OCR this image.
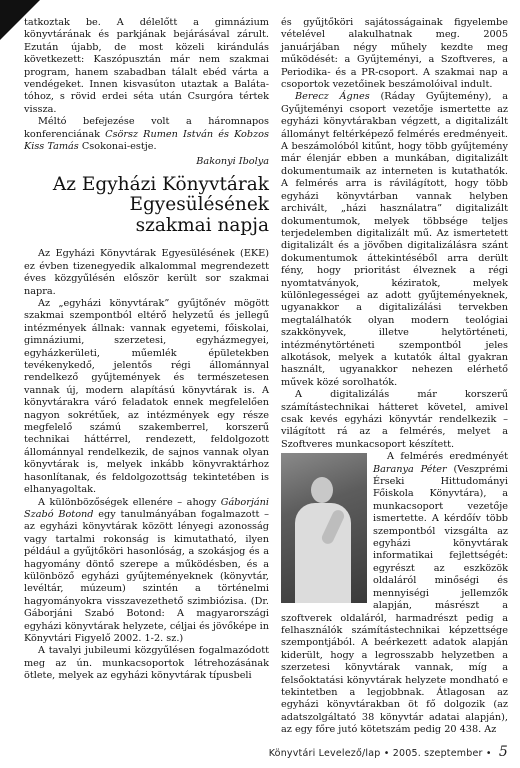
tatkoztak be. A délelőtt a gimnázium könyvtárának és parkjának bejárásával zárult. Ezután újabb, de most közeli kirándulás következett: Kaszópusztán már nem szakmai program, hanem szabadban tálalt ebéd várta a vendégeket. Innen kisvasúton utaztak a Baláta-tóhoz, s rövid erdei séta után Csurgóra tértek vissza.

Méltó befejezése volt a háromnapos konferenciának Csörsz Rumen István és Kobzos Kiss Tamás Csokonai-estje.

Bakonyi Ibolya

Az Egyházi Könyvtárak
Egyesülésének
szakmai napja

Az Egyházi Könyvtárak Egyesülésének (EKE) ez évben tizenegyedik alkalommal megrendezett éves közgyűlésén először került sor szakmai napra.

Az „egyházi könyvtárak” gyűjtőnév mögött szakmai szempontból eltérő helyzetű és jellegű intézmények állnak: vannak egyetemi, főiskolai, gimnáziumi, szerzetesi, egyházmegyei, egyházkerületi, műemlék épületekben tevékenykedő, jelentős régi állománnyal rendelkező gyűjtemények és természetesen vannak új, modern alapítású könyvtárak is. A könyvtárakra váró feladatok ennek megfelelően nagyon sokrétűek, az intézmények egy része megfelelő számú szakemberrel, korszerű technikai háttérrel, rendezett, feldolgozott állománnyal rendelkezik, de sajnos vannak olyan könyvtárak is, melyek inkább könyvraktárhoz hasonlítanak, és feldolgozottság tekintetében is elhanyagoltak.

A különbözőségek ellenére – ahogy Gáborjáni Szabó Botond egy tanulmányában fogalmazott – az egyházi könyvtárak között lényegi azonosság vagy tartalmi rokonság is kimutatható, ilyen például a gyűjtőköri hasonlóság, a szokásjog és a hagyomány döntő szerepe a működésben, és a különböző egyházi gyűjteményeknek (könyvtár, levéltár, múzeum) szintén a történelmi hagyományokra visszavezethető szimbiózisa. (Dr. Gáborjáni Szabó Botond: A magyarországi egyházi könyvtárak helyzete, céljai és jövőképe in Könyvtári Figyelő 2002. 1-2. sz.)

A tavalyi jubileumi közgyűlésen fogalmazódott meg az ún. munkacsoportok létrehozásának ötlete, melyek az egyházi könyvtárak típusbeli

és gyűjtőköri sajátosságainak figyelembe vételével alakulhatnak meg. 2005 januárjában négy műhely kezdte meg működését: a Gyűjteményi, a Szoftveres, a Periodika- és a PR-csoport. A szakmai nap a csoportok vezetőinek beszámolóival indult.

Berecz Ágnes (Ráday Gyűjtemény), a Gyűjteményi csoport vezetője ismertette az egyházi könyvtárakban végzett, a digitalizált állományt feltérképező felmérés eredményeit. A beszámolóból kitűnt, hogy több gyűjtemény már élenjár ebben a munkában, digitalizált dokumentumaik az interneten is kutathatók. A felmérés arra is rávilágított, hogy több egyházi könyvtárban vannak helyben archivált, „házi használatra” digitalizált dokumentumok, melyek többsége teljes terjedelemben digitalizált mű. Az ismertetett digitalizált és a jövőben digitalizálásra szánt dokumentumok áttekintéséből arra derült fény, hogy prioritást élveznek a régi nyomtatványok, kéziratok, melyek különlegességei az adott gyűjteményeknek, ugyanakkor a digitalizálási tervekben megtalálhatók olyan modern teológiai szakkönyvek, illetve helytörténeti, intézménytörténeti szempontból jeles alkotások, melyek a kutatók által gyakran használt, ugyanakkor nehezen elérhető művek közé sorolhatók.

A digitalizálás már korszerű számítástechnikai hátteret követel, amivel csak kevés egyházi könyvtár rendelkezik – világított rá az a felmérés, melyet a Szoftveres munkacsoport készített.

A felmérés eredményét Baranya Péter (Veszprémi Érseki Hittudományi Főiskola Könyvtára), a munkacsoport vezetője ismertette. A kérdőív több szempontból vizsgálta az egyházi könyvtárak informatikai fejlettségét: egyrészt az eszközök oldaláról minőségi és mennyiségi jellemzők alapján, másrészt a szoftverek oldaláról, harmadrészt pedig a felhasználók számítástechnikai képzettsége szempontjából. A beérkezett adatok alapján kiderült, hogy a legrosszabb helyzetben a szerzetesi könyvtárak vannak, míg a felsőoktatási könyvtárak helyzete mondható e tekintetben a legjobbnak. Átlagosan az egyházi könyvtárakban öt fő dolgozik (az adatszolgáltató 38 könyvtár adatai alapján), az egy főre jutó kötetszám pedig 20 438. Az

Könyvtári Levelező/lap • 2005. szeptember • 5
